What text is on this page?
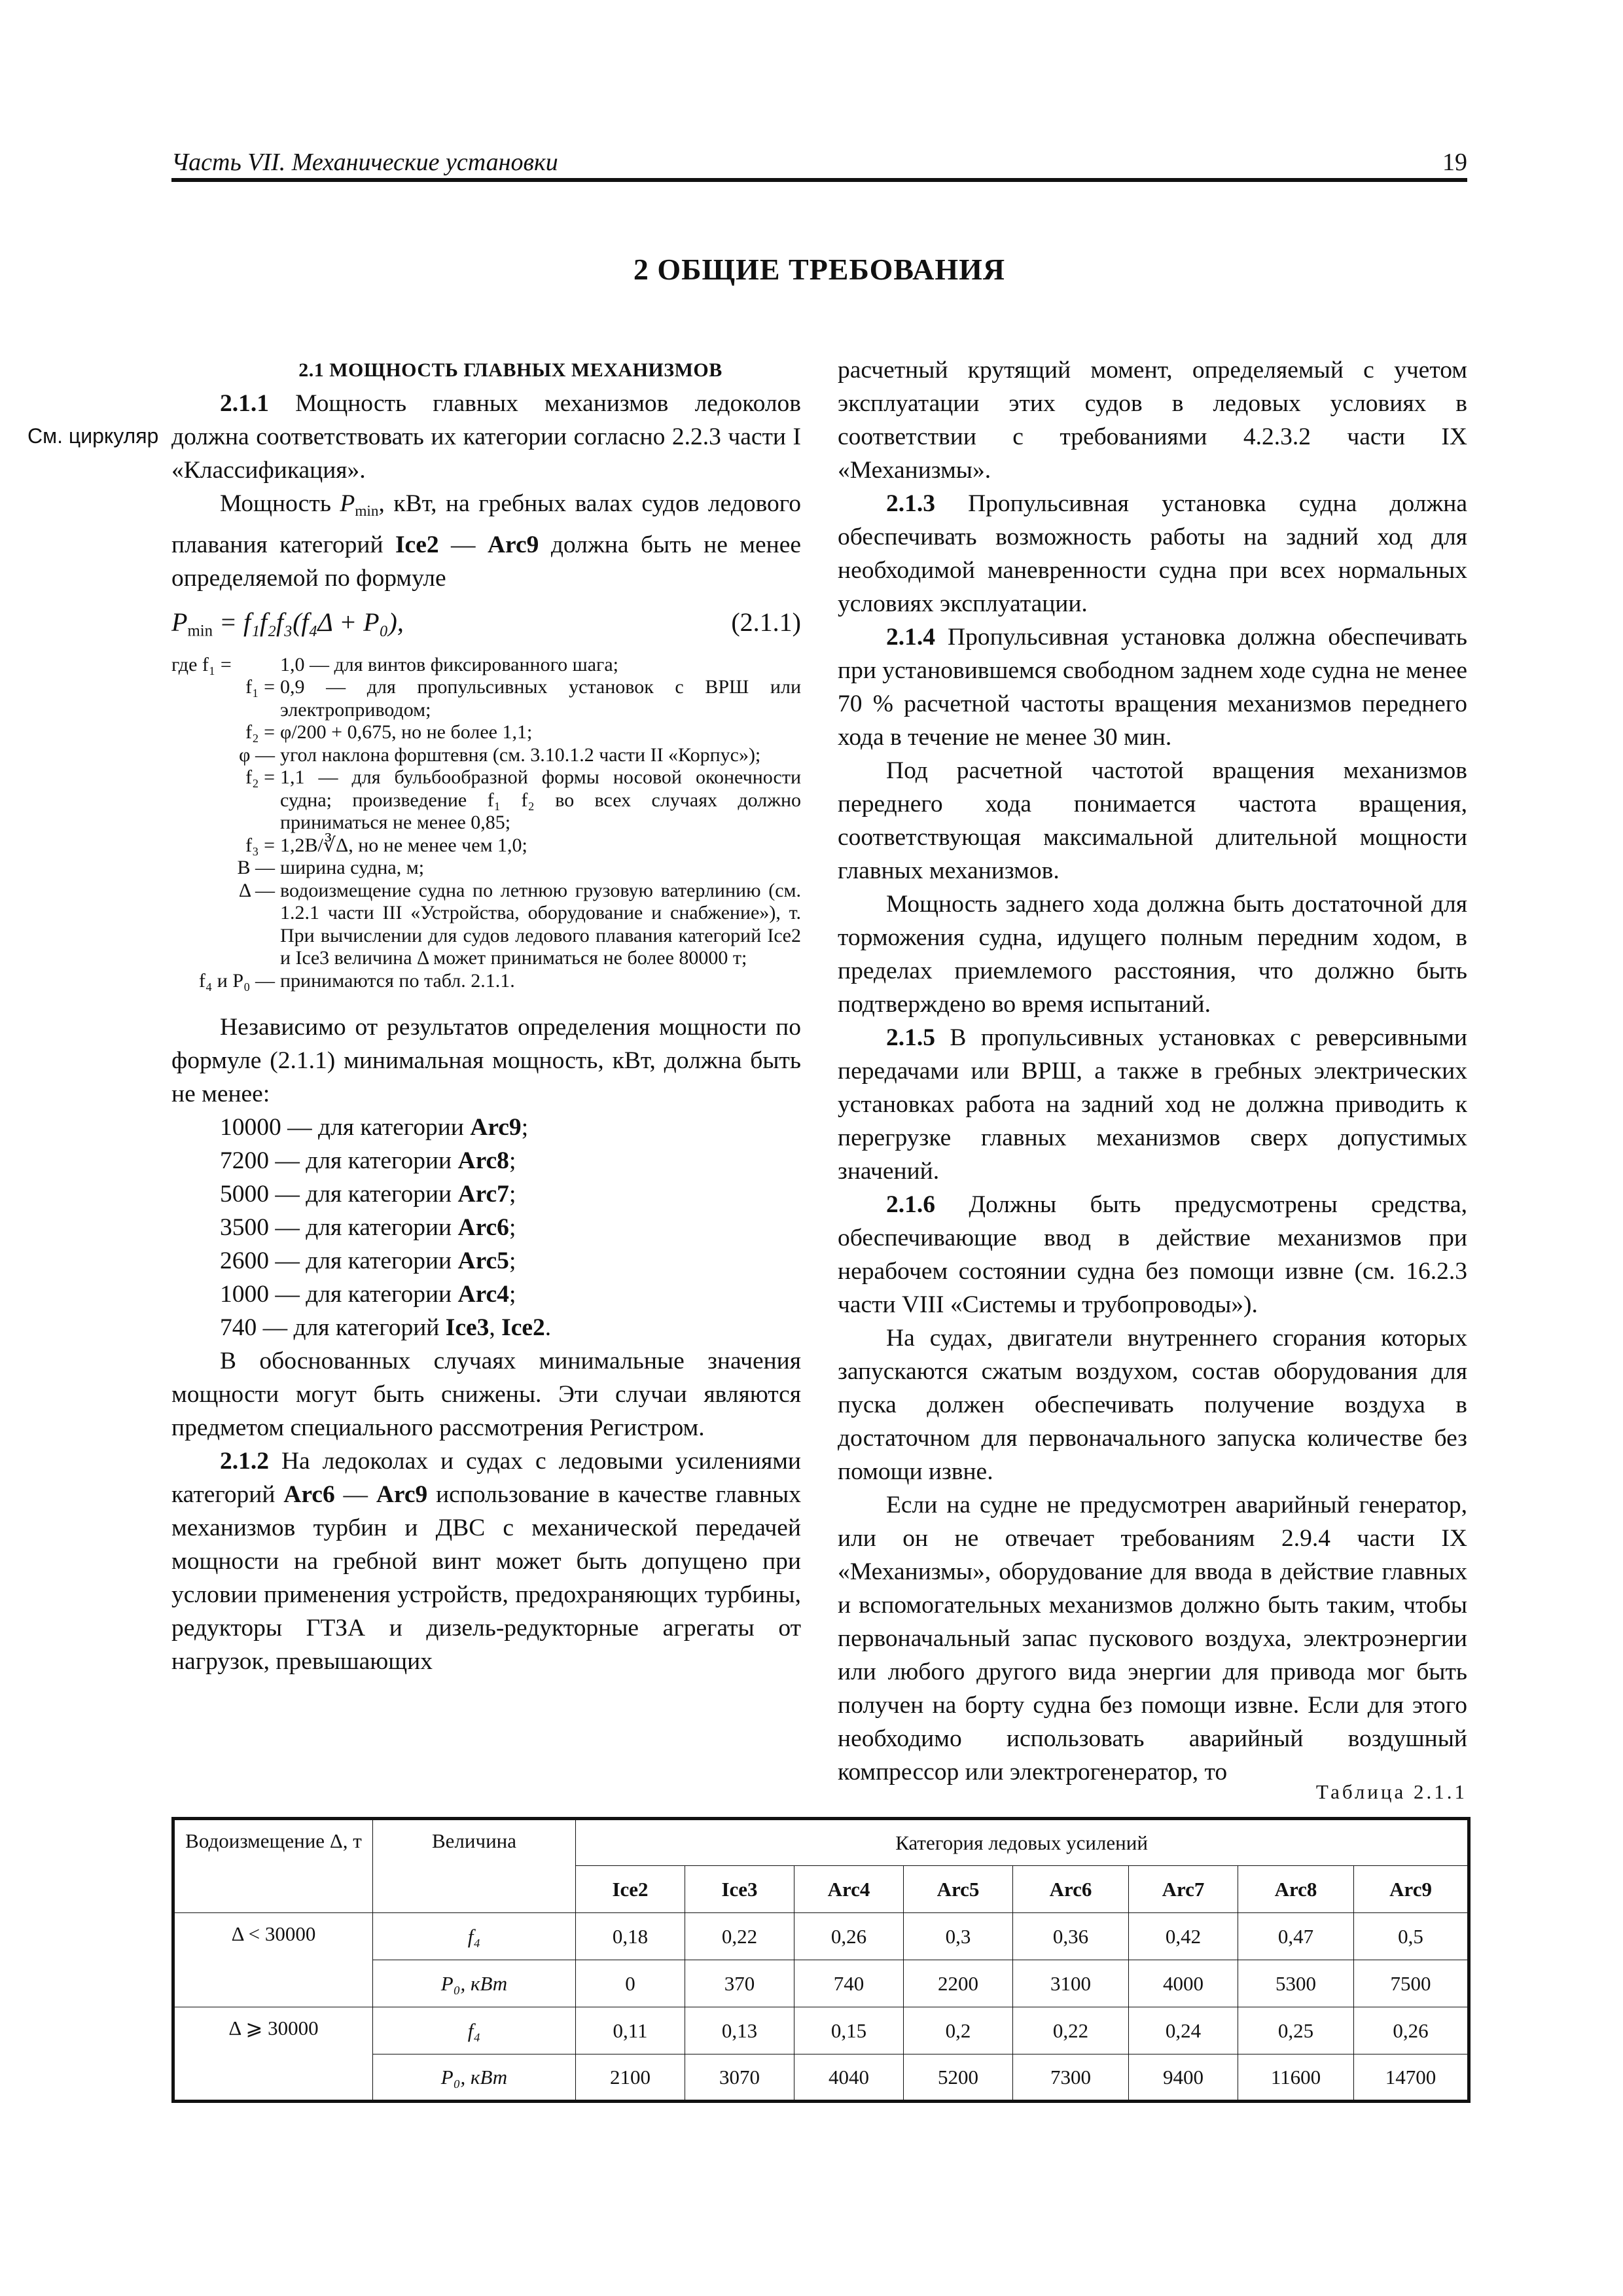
Часть VII. Механические установки	19
2 ОБЩИЕ ТРЕБОВАНИЯ
См. циркуляр

2.1 МОЩНОСТЬ ГЛАВНЫХ МЕХАНИЗМОВ

2.1.1 Мощность главных механизмов ледоколов должна соответствовать их категории согласно 2.2.3 части I «Классификация».

Мощность $P_{min}$, кВт, на гребных валах судов ледового плавания категорий Ice2 — Arc9 должна быть не менее определяемой по формуле

$P_{min} = f_1f_2f_3(f_4\Delta + P_0)$,	(2.1.1)
где f₁ =	1,0 — для винтов фиксированного шага;
f₁ = 0,9 — для пропульсивных установок с ВРШ или электроприводом;
f₂ = φ/200 + 0,675, но не более 1,1;
φ — угол наклона форштевня (см. 3.10.1.2 части II «Корпус»);
f₂ = 1,1 — для бульбообразной формы носовой оконечности судна; произведение f₁ f₂ во всех случаях должно приниматься не менее 0,85;
f₃ = 1,2B/∛Δ, но не менее чем 1,0;
B — ширина судна, м;
Δ — водоизмещение судна по летнюю грузовую ватерлинию (см. 1.2.1 части III «Устройства, оборудование и снабжение»), т. При вычислении для судов ледового плавания категорий Ice2 и Ice3 величина Δ может приниматься не более 80000 т;
f₄ и P₀ — принимаются по табл. 2.1.1.

Независимо от результатов определения мощности по формуле (2.1.1) минимальная мощность, кВт, должна быть не менее:

10000 — для категории Arc9;
7200 — для категории Arc8;
5000 — для категории Arc7;
3500 — для категории Arc6;
2600 — для категории Arc5;
1000 — для категории Arc4;
740 — для категорий Ice3, Ice2.

В обоснованных случаях минимальные значения мощности могут быть снижены. Эти случаи являются предметом специального рассмотрения Регистром.

2.1.2 На ледоколах и судах с ледовыми усилениями категорий Arc6 — Arc9 использование в качестве главных механизмов турбин и ДВС с механической передачей мощности на гребной винт может быть допущено при условии применения устройств, предохраняющих турбины, редукторы ГТЗА и дизель-редукторные агрегаты от нагрузок, превышающих

расчетный крутящий момент, определяемый с учетом эксплуатации этих судов в ледовых условиях в соответствии с требованиями 4.2.3.2 части IX «Механизмы».

2.1.3 Пропульсивная установка судна должна обеспечивать возможность работы на задний ход для необходимой маневренности судна при всех нормальных условиях эксплуатации.

2.1.4 Пропульсивная установка должна обеспечивать при установившемся свободном заднем ходе судна не менее 70 % расчетной частоты вращения механизмов переднего хода в течение не менее 30 мин.

Под расчетной частотой вращения механизмов переднего хода понимается частота вращения, соответствующая максимальной длительной мощности главных механизмов.

Мощность заднего хода должна быть достаточной для торможения судна, идущего полным передним ходом, в пределах приемлемого расстояния, что должно быть подтверждено во время испытаний.

2.1.5 В пропульсивных установках с реверсивными передачами или ВРШ, а также в гребных электрических установках работа на задний ход не должна приводить к перегрузке главных механизмов сверх допустимых значений.

2.1.6 Должны быть предусмотрены средства, обеспечивающие ввод в действие механизмов при нерабочем состоянии судна без помощи извне (см. 16.2.3 части VIII «Системы и трубопроводы»).

На судах, двигатели внутреннего сгорания которых запускаются сжатым воздухом, состав оборудования для пуска должен обеспечивать получение воздуха в достаточном для первоначального запуска количестве без помощи извне.

Если на судне не предусмотрен аварийный генератор, или он не отвечает требованиям 2.9.4 части IX «Механизмы», оборудование для ввода в действие главных и вспомогательных механизмов должно быть таким, чтобы первоначальный запас пускового воздуха, электроэнергии или любого другого вида энергии для привода мог быть получен на борту судна без помощи извне. Если для этого необходимо использовать аварийный воздушный компрессор или электрогенератор, то

Таблица 2.1.1
Водоизмещение Δ, т	Величина	Категория ледовых усилений							
		Ice2	Ice3	Arc4	Arc5	Arc6	Arc7	Arc8	Arc9
Δ < 30000	f₄	0,18	0,22	0,26	0,3	0,36	0,42	0,47	0,5
	P₀, кВт	0	370	740	2200	3100	4000	5300	7500
Δ ⩾ 30000	f₄	0,11	0,13	0,15	0,2	0,22	0,24	0,25	0,26
	P₀, кВт	2100	3070	4040	5200	7300	9400	11600	14700
